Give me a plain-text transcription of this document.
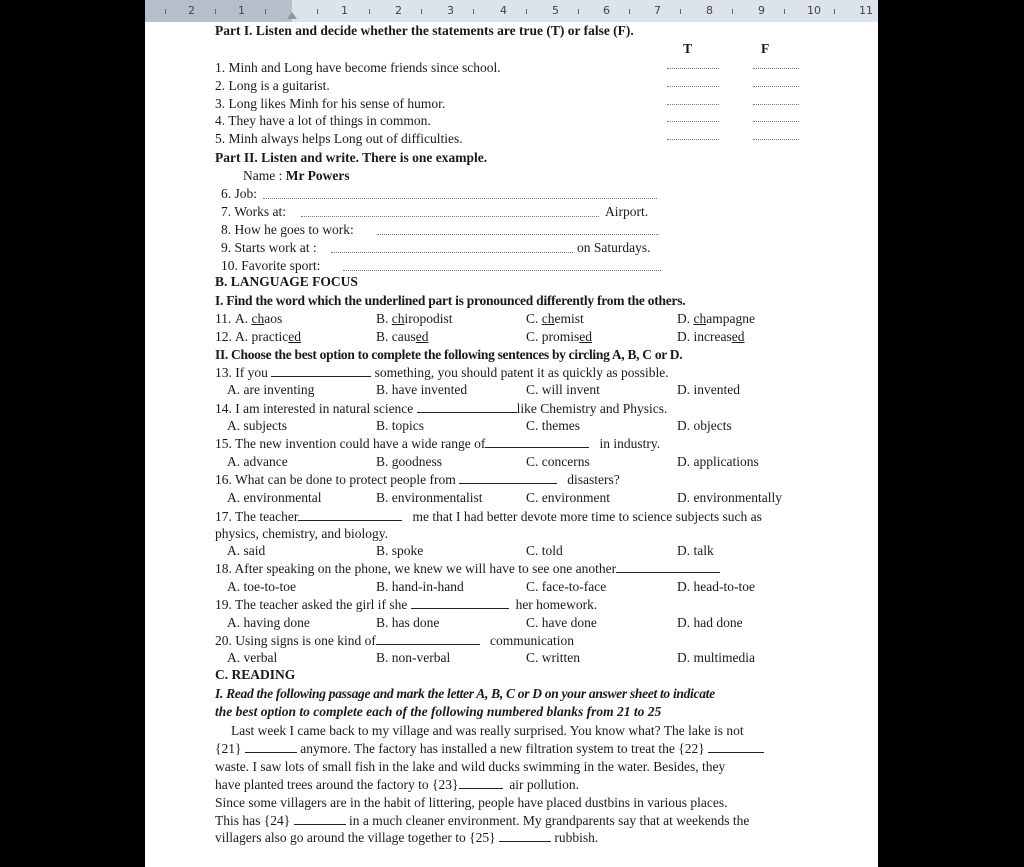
2	1	1	2	3	4	5	6	7	8	9	10	11
Part I. Listen and decide whether the statements are true (T) or false (F).
T	F
1. Minh and Long have become friends since school.
2. Long is a guitarist.
3. Long likes Minh for his sense of humor.
4. They have a lot of things in common.
5. Minh always helps Long out of difficulties.
Part II. Listen and write. There is one example.
Name : Mr Powers
6. Job:
7. Works at:	Airport.
8. How he goes to work:
9. Starts work at :	on Saturdays.
10. Favorite sport:
B. LANGUAGE FOCUS
I. Find the word which the underlined part is pronounced differently from the others.
11. A. chaos	B. chiropodist	C. chemist	D. champagne
12. A. practiced	B. caused	C. promised	D. increased
II. Choose the best option to complete the following sentences by circling A, B, C or D.
13. If you	something, you should patent it as quickly as possible.
A. are inventing	B. have invented	C. will invent	D. invented
14. I am interested in natural science	like Chemistry and Physics.
A. subjects	B. topics	C. themes	D. objects
15. The new invention could have a wide range of	in industry.
A. advance	B. goodness	C. concerns	D. applications
16. What can be done to protect people from	disasters?
A. environmental	B. environmentalist	C. environment	D. environmentally
17. The teacher	me that I had better devote more time to science subjects such as
physics, chemistry, and biology.
A. said	B. spoke	C. told	D. talk
18. After speaking on the phone, we knew we will have to see one another
A. toe-to-toe	B. hand-in-hand	C. face-to-face	D. head-to-toe
19. The teacher asked the girl if she	her homework.
A. having done	B. has done	C. have done	D. had done
20. Using signs is one kind of	communication
A. verbal	B. non-verbal	C. written	D. multimedia
C. READING
I. Read the following passage and mark the letter A, B, C or D on your answer sheet to indicate
the best option to complete each of the following numbered blanks from 21 to 25
Last week I came back to my village and was really surprised. You know what? The lake is not
{21}	anymore. The factory has installed a new filtration system to treat the {22}
waste. I saw lots of small fish in the lake and wild ducks swimming in the water. Besides, they
have planted trees around the factory to {23}	air pollution.
Since some villagers are in the habit of littering, people have placed dustbins in various places.
This has {24}	in a much cleaner environment. My grandparents say that at weekends the
villagers also go around the village together to {25}	rubbish.
